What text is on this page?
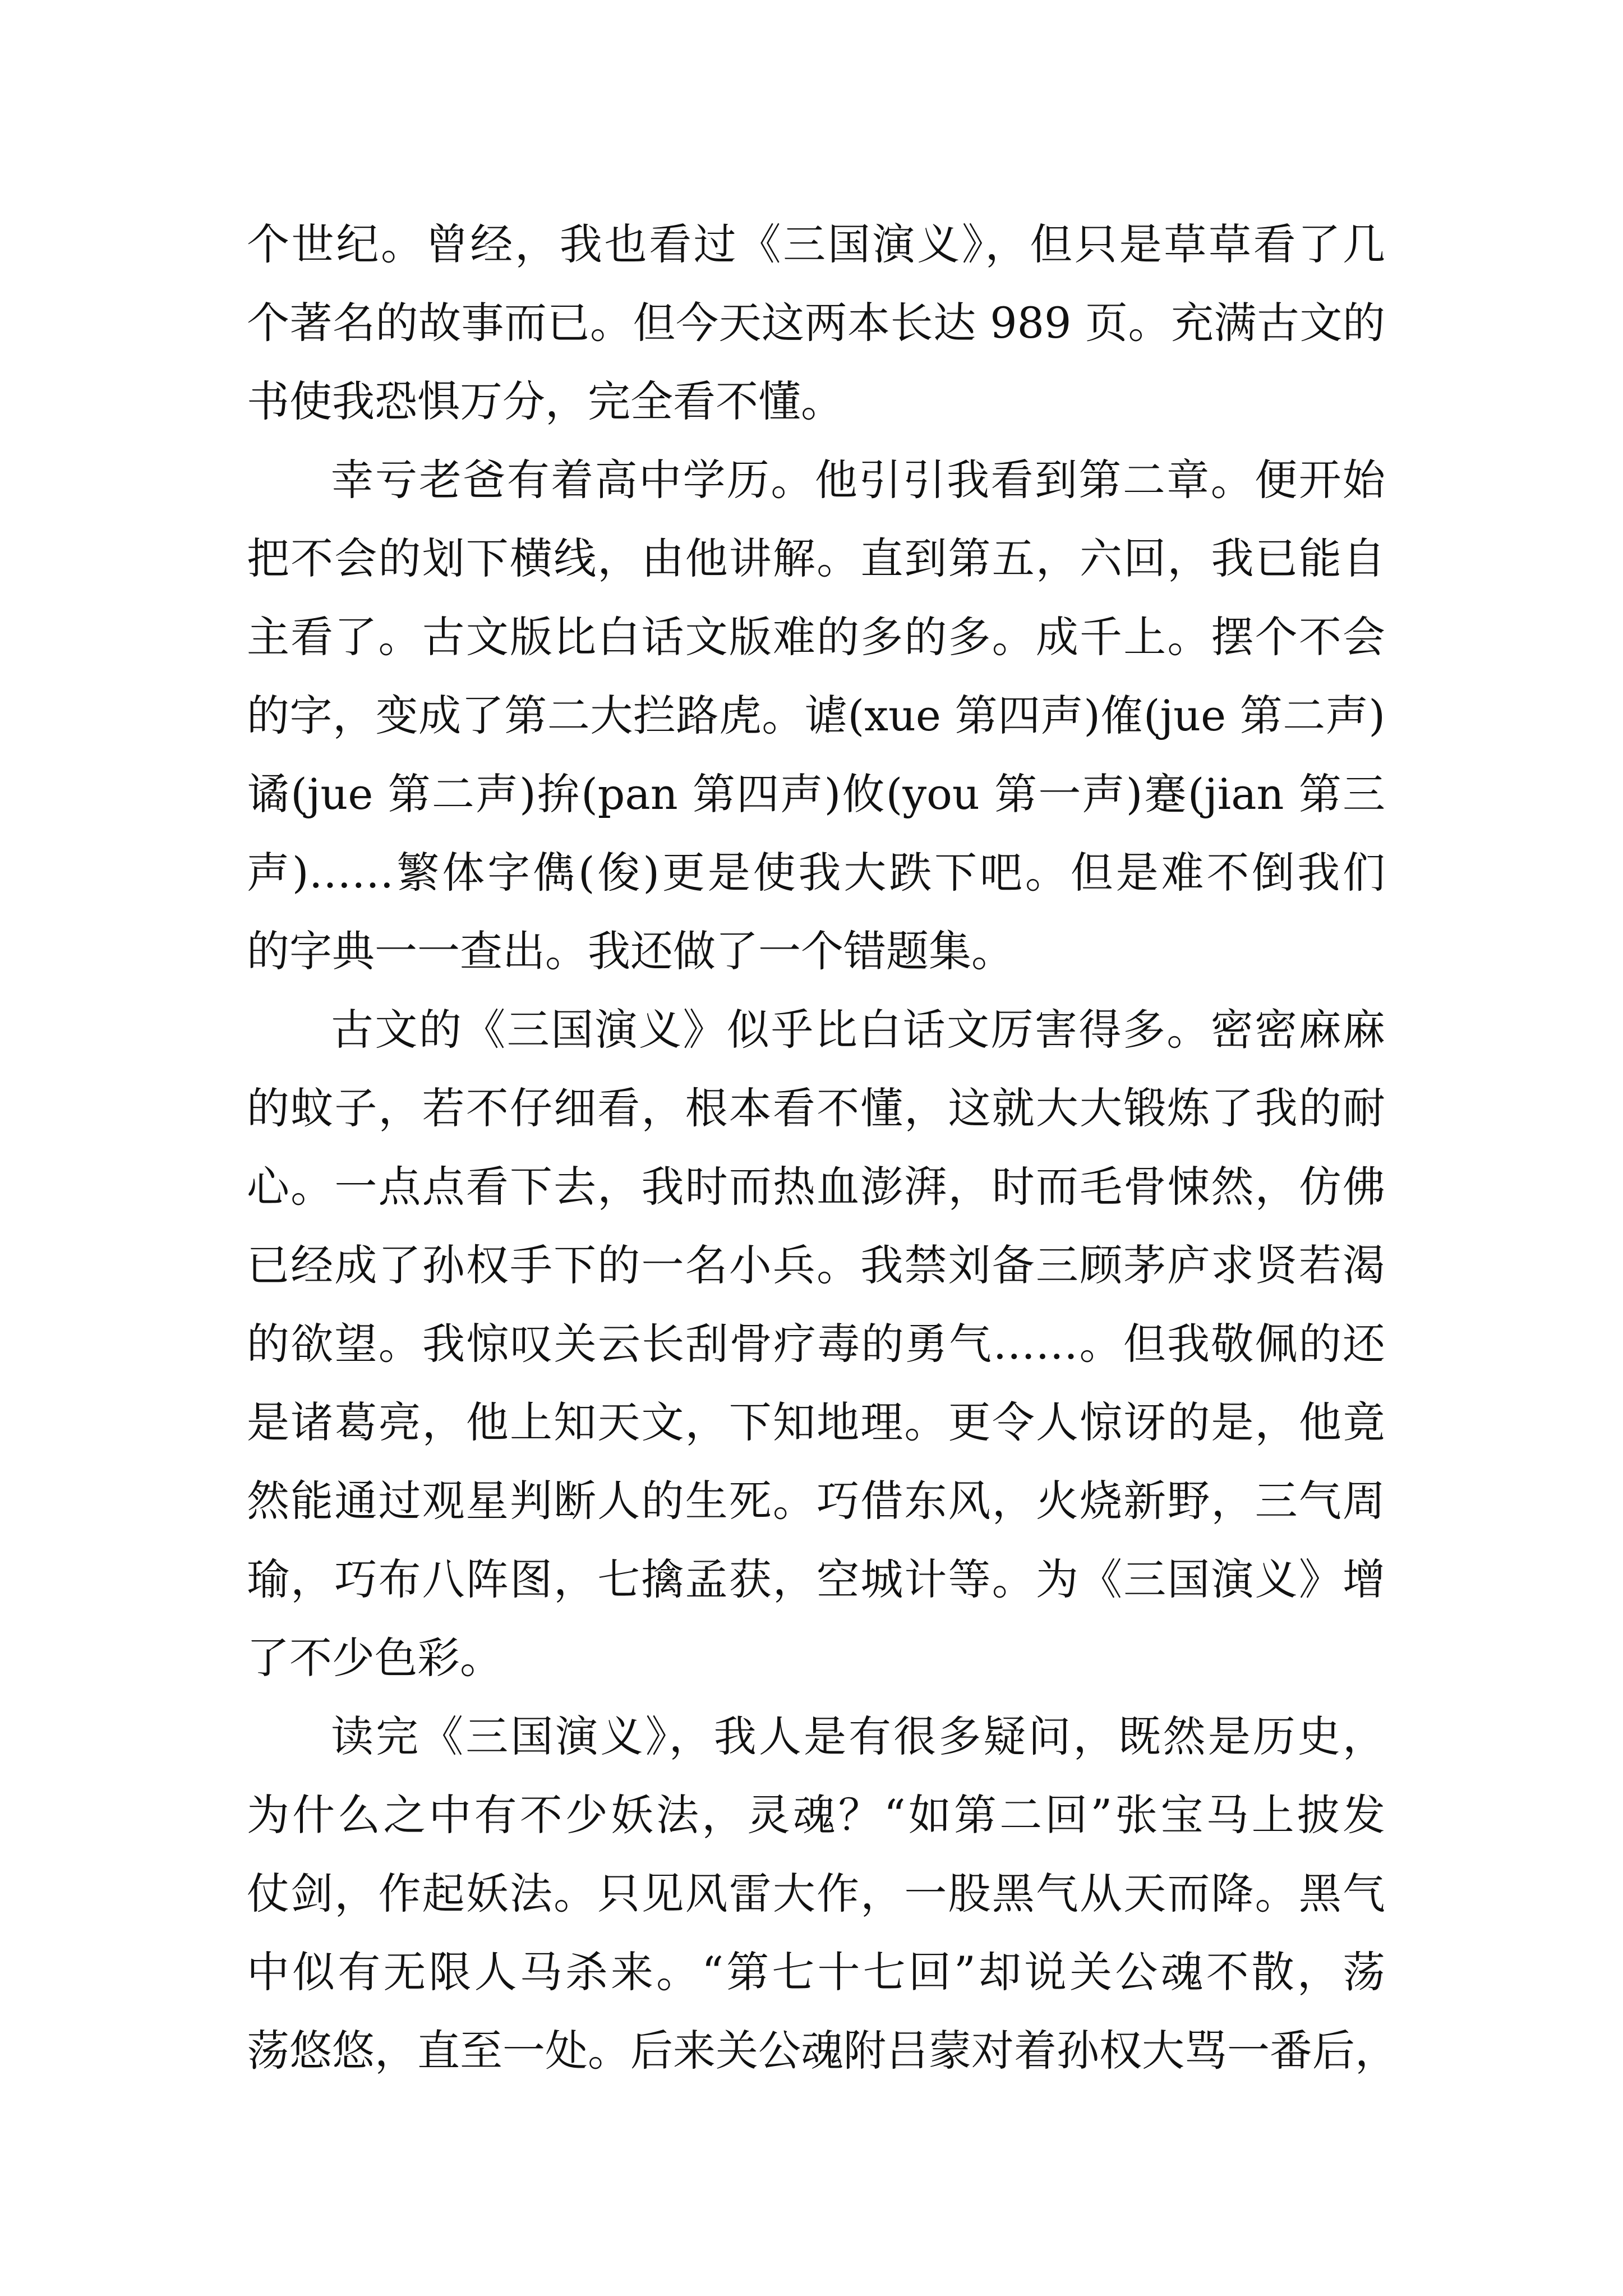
个世纪。曾经，我也看过《三国演义》，但只是草草看了几
个著名的故事而已。但今天这两本长达 989 页。充满古文的
书使我恐惧万分，完全看不懂。
幸亏老爸有着高中学历。他引引我看到第二章。便开始
把不会的划下横线，由他讲解。直到第五，六回，我已能自
主看了。古文版比白话文版难的多的多。成千上。摆个不会
的字，变成了第二大拦路虎。谑(xue 第四声)傕(jue 第二声)
谲(jue 第二声)拚(pan 第四声)攸(you 第一声)蹇(jian 第三
声)……繁体字儁(俊)更是使我大跌下吧。但是难不倒我们
的字典一一查出。我还做了一个错题集。
古文的《三国演义》似乎比白话文厉害得多。密密麻麻
的蚊子，若不仔细看，根本看不懂，这就大大锻炼了我的耐
心。一点点看下去，我时而热血澎湃，时而毛骨悚然，仿佛
已经成了孙权手下的一名小兵。我禁刘备三顾茅庐求贤若渴
的欲望。我惊叹关云长刮骨疗毒的勇气……。但我敬佩的还
是诸葛亮，他上知天文，下知地理。更令人惊讶的是，他竟
然能通过观星判断人的生死。巧借东风，火烧新野，三气周
瑜，巧布八阵图，七擒孟获，空城计等。为《三国演义》增
了不少色彩。
读完《三国演义》，我人是有很多疑问，既然是历史，
为什么之中有不少妖法，灵魂？“如第二回”张宝马上披发
仗剑，作起妖法。只见风雷大作，一股黑气从天而降。黑气
中似有无限人马杀来。“第七十七回”却说关公魂不散，荡
荡悠悠，直至一处。后来关公魂附吕蒙对着孙权大骂一番后，
